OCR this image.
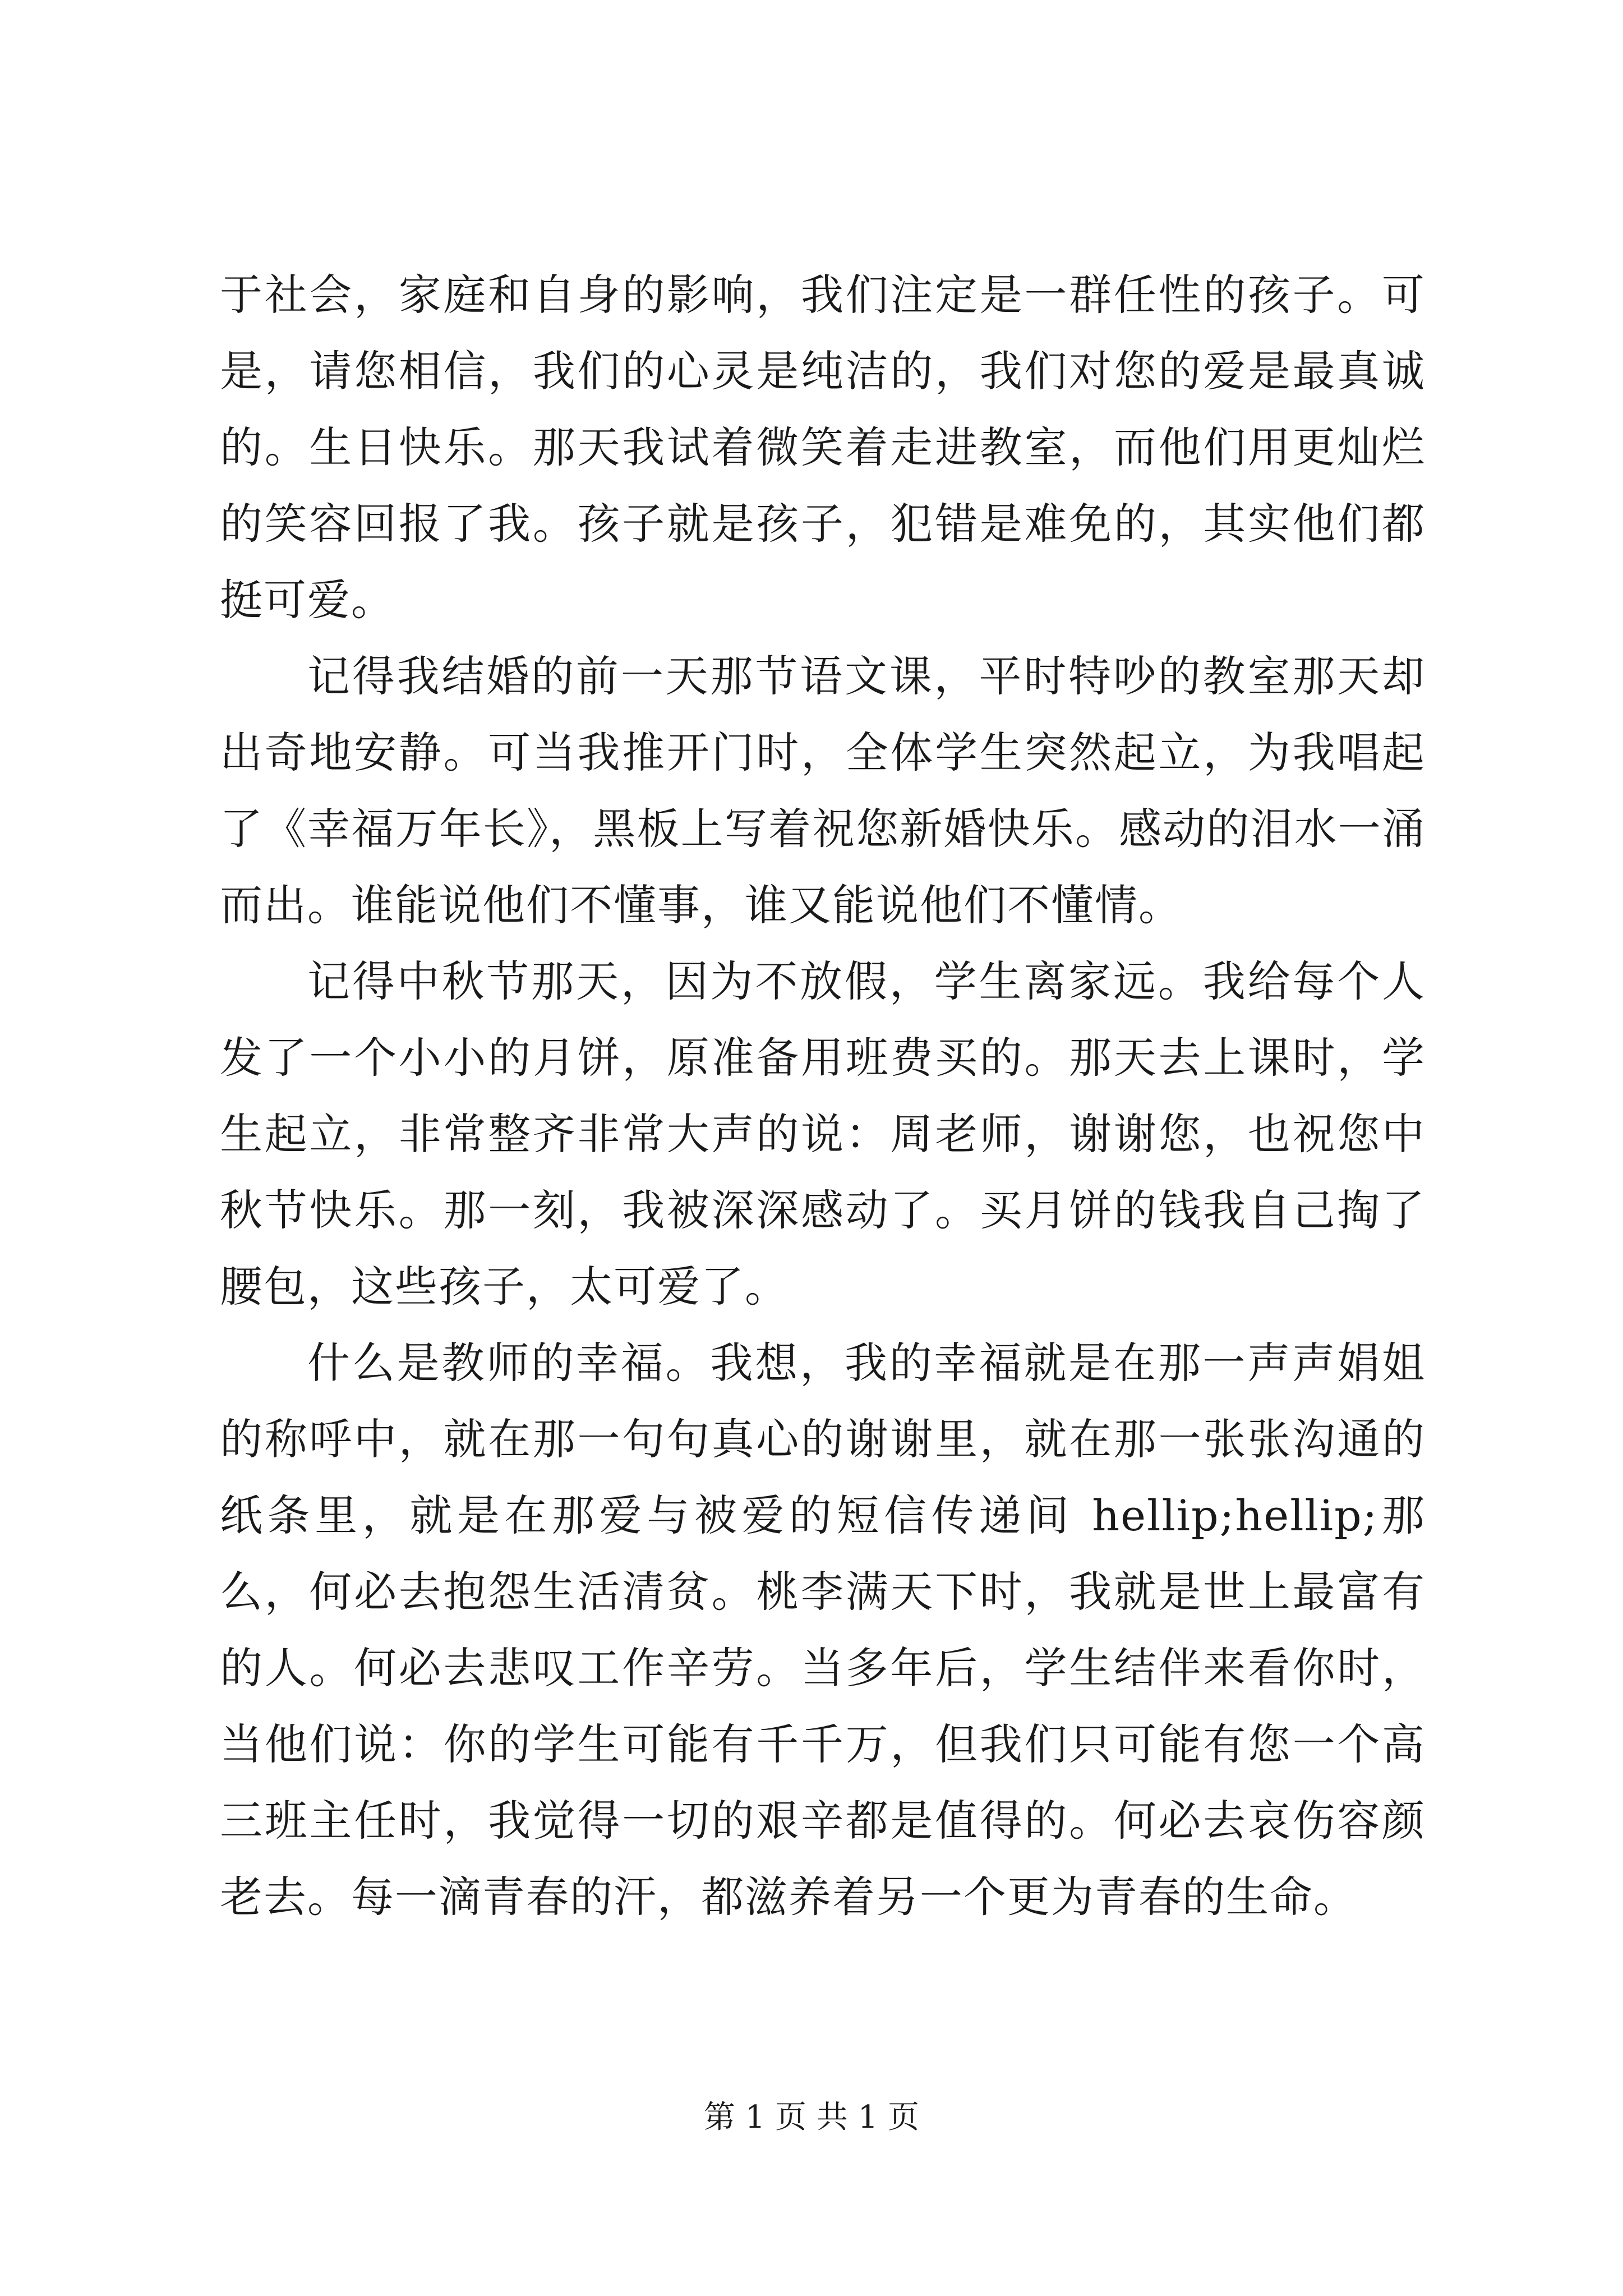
于社会，家庭和自身的影响，我们注定是一群任性的孩子。可是，请您相信，我们的心灵是纯洁的，我们对您的爱是最真诚的。生日快乐。那天我试着微笑着走进教室，而他们用更灿烂的笑容回报了我。孩子就是孩子，犯错是难免的，其实他们都挺可爱。

记得我结婚的前一天那节语文课，平时特吵的教室那天却出奇地安静。可当我推开门时，全体学生突然起立，为我唱起了《幸福万年长》，黑板上写着祝您新婚快乐。感动的泪水一涌而出。谁能说他们不懂事，谁又能说他们不懂情。

记得中秋节那天，因为不放假，学生离家远。我给每个人发了一个小小的月饼，原准备用班费买的。那天去上课时，学生起立，非常整齐非常大声的说：周老师，谢谢您，也祝您中秋节快乐。那一刻，我被深深感动了。买月饼的钱我自己掏了腰包，这些孩子，太可爱了。

什么是教师的幸福。我想，我的幸福就是在那一声声娟姐的称呼中，就在那一句句真心的谢谢里，就在那一张张沟通的纸条里，就是在那爱与被爱的短信传递间 hellip;hellip;那么，何必去抱怨生活清贫。桃李满天下时，我就是世上最富有的人。何必去悲叹工作辛劳。当多年后，学生结伴来看你时，当他们说：你的学生可能有千千万，但我们只可能有您一个高三班主任时，我觉得一切的艰辛都是值得的。何必去哀伤容颜老去。每一滴青春的汗，都滋养着另一个更为青春的生命。

第 1 页 共 1 页
